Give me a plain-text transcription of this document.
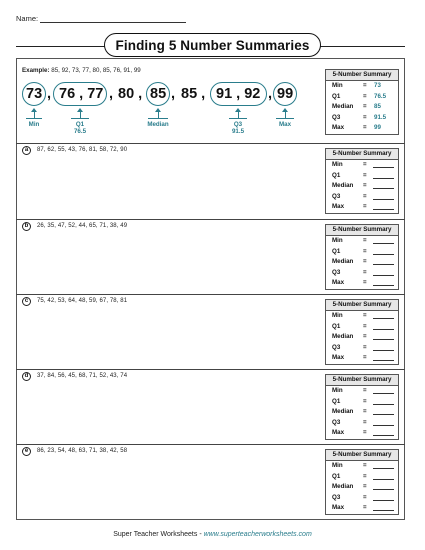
Name:
Finding 5 Number Summaries
Example: 85, 92, 73, 77, 80, 85, 76, 91, 99
73 , 76 , 77 , 80 , 85 , 85 , 91 , 92 , 99
Min	Q1
76.5
Median	Q3
91.5
Max
5-Number Summary
Min	= 73
Q1	= 76.5
Median = 85
Q3	= 91.5
Max	= 99
a	87, 62, 55, 43, 76, 81, 58, 72, 90	5-Number Summary
Min	=
Q1	=
Median =
Q3	=
Max	=
b	26, 35, 47, 52, 44, 65, 71, 38, 49	5-Number Summary
Min	=
Q1	=
Median =
Q3	=
Max	=
c	75, 42, 53, 64, 48, 59, 67, 78, 81	5-Number Summary
Min	=
Q1	=
Median =
Q3	=
Max	=
d	37, 84, 56, 45, 68, 71, 52, 43, 74	5-Number Summary
Min	=
Q1	=
Median =
Q3	=
Max	=
e	86, 23, 54, 48, 63, 71, 38, 42, 58	5-Number Summary
Min	=
Q1	=
Median =
Q3	=
Max	=
Super Teacher Worksheets - www.superteacherworksheets.com
